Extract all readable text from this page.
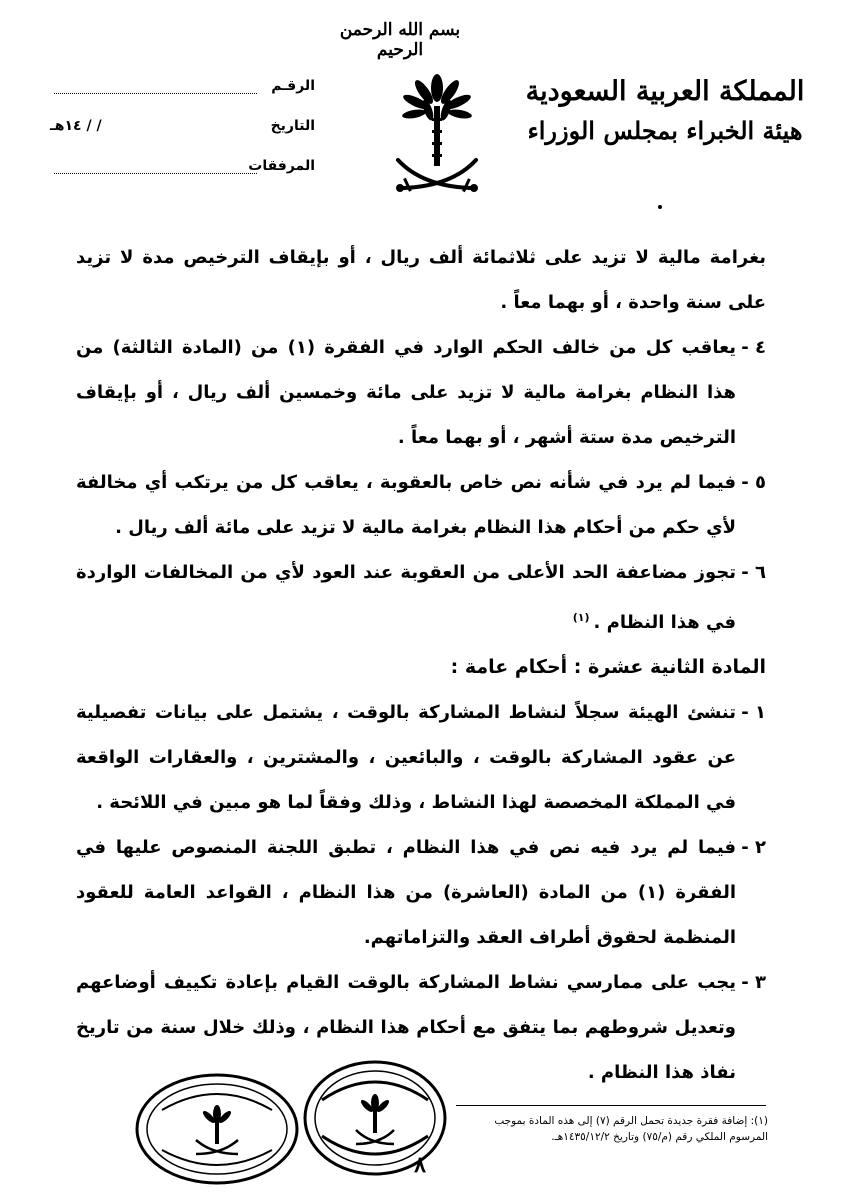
بسم الله الرحمن الرحيم
المملكة العربية السعودية
هيئة الخبراء بمجلس الوزراء
الرقـم
التاريخ
/ / ١٤هـ
المرفقات

بغرامة مالية لا تزيد على ثلاثمائة ألف ريال ، أو بإيقاف الترخيص مدة لا تزيد على سنة واحدة ، أو بهما معاً .

٤ -
يعاقب كل من خالف الحكم الوارد في الفقرة (١) من (المادة الثالثة) من هذا النظام بغرامة مالية لا تزيد على مائة وخمسين ألف ريال ، أو بإيقاف الترخيص مدة ستة أشهر ، أو بهما معاً .
٥ -
فيما لم يرد في شأنه نص خاص بالعقوبة ، يعاقب كل من يرتكب أي مخالفة لأي حكم من أحكام هذا النظام بغرامة مالية لا تزيد على مائة ألف ريال .
٦ -
تجوز مضاعفة الحد الأعلى من العقوبة عند العود لأي من المخالفات الواردة في هذا النظام .$^{(١)}$

المادة الثانية عشرة : أحكام عامة :

١ -
تنشئ الهيئة سجلاً لنشاط المشاركة بالوقت ، يشتمل على بيانات تفصيلية عن عقود المشاركة بالوقت ، والبائعين ، والمشترين ، والعقارات الواقعة في المملكة المخصصة لهذا النشاط ، وذلك وفقاً لما هو مبين في اللائحة .
٢ -
فيما لم يرد فيه نص في هذا النظام ، تطبق اللجنة المنصوص عليها في الفقرة (١) من المادة (العاشرة) من هذا النظام ، القواعد العامة للعقود المنظمة لحقوق أطراف العقد والتزاماتهم.
٣ -
يجب على ممارسي نشاط المشاركة بالوقت القيام بإعادة تكييف أوضاعهم وتعديل شروطهم بما يتفق مع أحكام هذا النظام ، وذلك خلال سنة من تاريخ نفاذ هذا النظام .
(١): إضافة فقرة جديدة تحمل الرقم (٧) إلى هذه المادة بموجب المرسوم الملكي رقم (م/٧٥) وتاريخ ١٤٣٥/١٢/٢هـ.
٨
